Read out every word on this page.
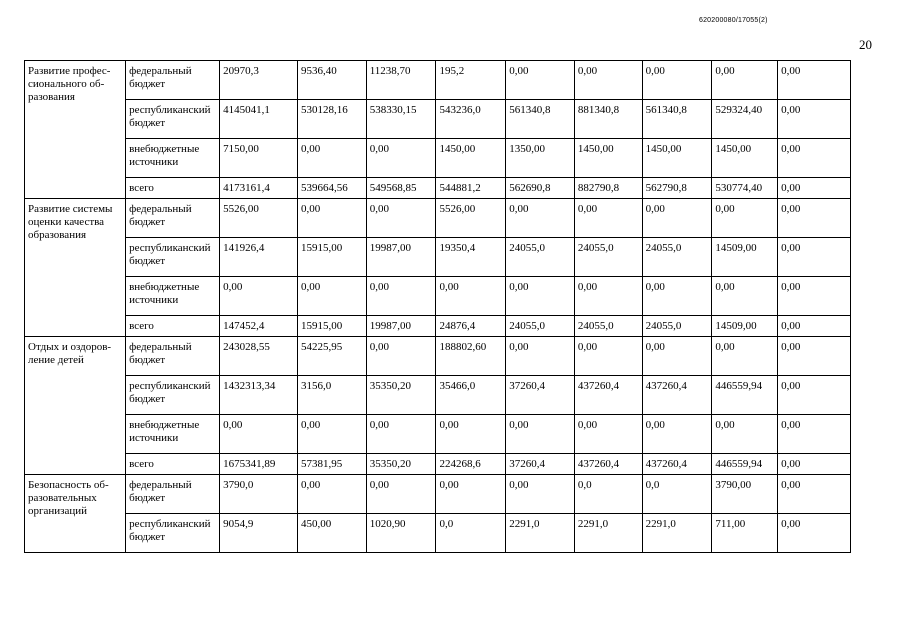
620200080/17055(2)
20
Развитие профес-сионального об-разования	федеральный бюджет	20970,3	9536,40	11238,70	195,2	0,00	0,00	0,00	0,00	0,00
	республиканский бюджет	4145041,1	530128,16	538330,15	543236,0	561340,8	881340,8	561340,8	529324,40	0,00
	внебюджетные источники	7150,00	0,00	0,00	1450,00	1350,00	1450,00	1450,00	1450,00	0,00
	всего	4173161,4	539664,56	549568,85	544881,2	562690,8	882790,8	562790,8	530774,40	0,00
Развитие системы оценки качества образования	федеральный бюджет	5526,00	0,00	0,00	5526,00	0,00	0,00	0,00	0,00	0,00
	республиканский бюджет	141926,4	15915,00	19987,00	19350,4	24055,0	24055,0	24055,0	14509,00	0,00
	внебюджетные источники	0,00	0,00	0,00	0,00	0,00	0,00	0,00	0,00	0,00
	всего	147452,4	15915,00	19987,00	24876,4	24055,0	24055,0	24055,0	14509,00	0,00
Отдых и оздоров-ление детей	федеральный бюджет	243028,55	54225,95	0,00	188802,60	0,00	0,00	0,00	0,00	0,00
	республиканский бюджет	1432313,34	3156,0	35350,20	35466,0	37260,4	437260,4	437260,4	446559,94	0,00
	внебюджетные источники	0,00	0,00	0,00	0,00	0,00	0,00	0,00	0,00	0,00
	всего	1675341,89	57381,95	35350,20	224268,6	37260,4	437260,4	437260,4	446559,94	0,00
Безопасность об-разовательных организаций	федеральный бюджет	3790,0	0,00	0,00	0,00	0,00	0,0	0,0	3790,00	0,00
	республиканский бюджет	9054,9	450,00	1020,90	0,0	2291,0	2291,0	2291,0	711,00	0,00
